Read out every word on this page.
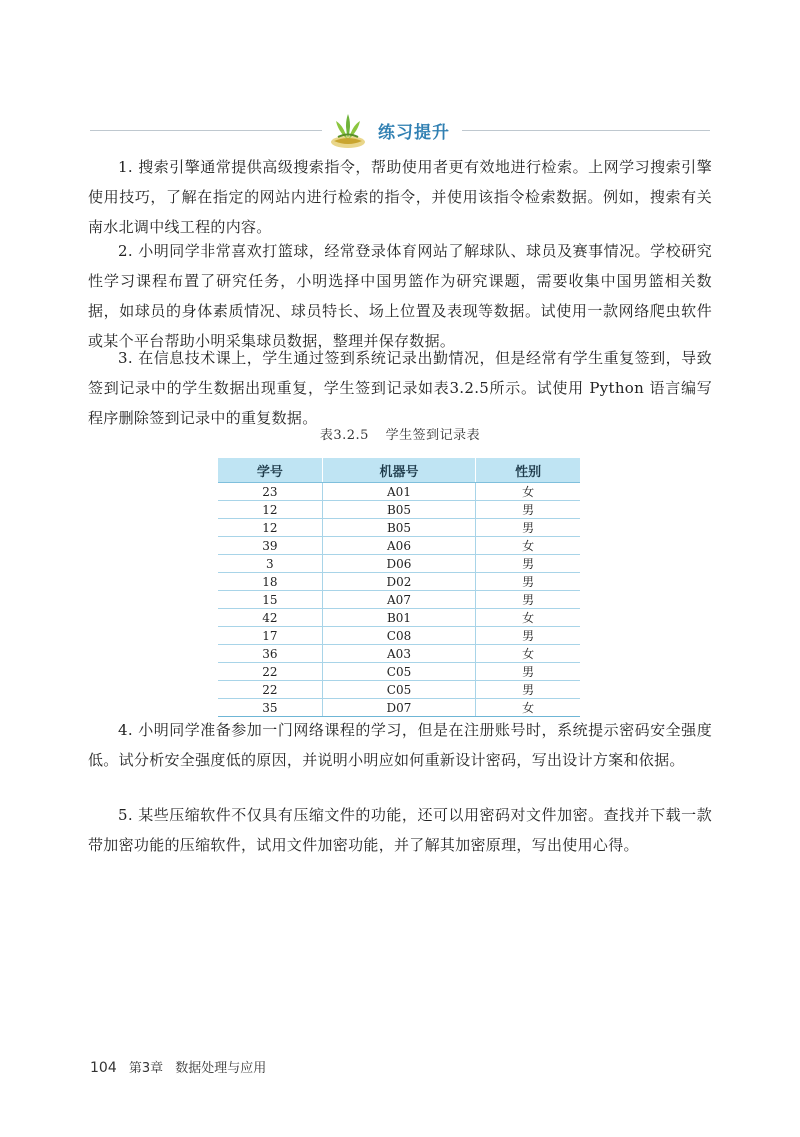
练习提升

1. 搜索引擎通常提供高级搜索指令，帮助使用者更有效地进行检索。上网学习搜索引擎使用技巧，了解在指定的网站内进行检索的指令，并使用该指令检索数据。例如，搜索有关南水北调中线工程的内容。

2. 小明同学非常喜欢打篮球，经常登录体育网站了解球队、球员及赛事情况。学校研究性学习课程布置了研究任务，小明选择中国男篮作为研究课题，需要收集中国男篮相关数据，如球员的身体素质情况、球员特长、场上位置及表现等数据。试使用一款网络爬虫软件或某个平台帮助小明采集球员数据，整理并保存数据。

3. 在信息技术课上，学生通过签到系统记录出勤情况，但是经常有学生重复签到，导致签到记录中的学生数据出现重复，学生签到记录如表3.2.5所示。试使用 Python 语言编写程序删除签到记录中的重复数据。

表3.2.5 学生签到记录表
学号	机器号	性别
23	A01	女
12	B05	男
12	B05	男
39	A06	女
3	D06	男
18	D02	男
15	A07	男
42	B01	女
17	C08	男
36	A03	女
22	C05	男
22	C05	男
35	D07	女

4. 小明同学准备参加一门网络课程的学习，但是在注册账号时，系统提示密码安全强度低。试分析安全强度低的原因，并说明小明应如何重新设计密码，写出设计方案和依据。

5. 某些压缩软件不仅具有压缩文件的功能，还可以用密码对文件加密。查找并下载一款带加密功能的压缩软件，试用文件加密功能，并了解其加密原理，写出使用心得。

104 第3章 数据处理与应用
